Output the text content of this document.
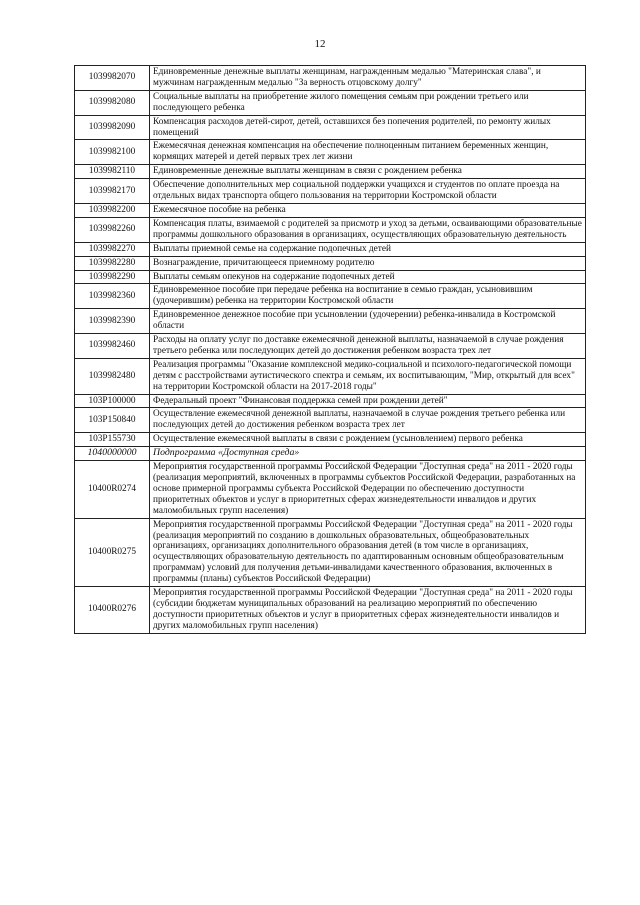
12
1039982070	Единовременные денежные выплаты женщинам, награжденным медалью "Материнская слава", и мужчинам награжденным медалью "За верность отцовскому долгу"
1039982080	Социальные выплаты на приобретение жилого помещения семьям при рождении третьего или последующего ребенка
1039982090	Компенсация расходов детей-сирот, детей, оставшихся без попечения родителей, по ремонту жилых помещений
1039982100	Ежемесячная денежная компенсация на обеспечение полноценным питанием беременных женщин, кормящих матерей и детей первых трех лет жизни
1039982110	Единовременные денежные выплаты женщинам в связи с рождением ребенка
1039982170	Обеспечение дополнительных мер социальной поддержки учащихся и студентов по оплате проезда на отдельных видах транспорта общего пользования на территории Костромской области
1039982200	Ежемесячное пособие на ребенка
1039982260	Компенсация платы, взимаемой с родителей за присмотр и уход за детьми, осваивающими образовательные программы дошкольного образования в организациях, осуществляющих образовательную деятельность
1039982270	Выплаты приемной семье на содержание подопечных детей
1039982280	Вознаграждение, причитающееся приемному родителю
1039982290	Выплаты семьям опекунов на содержание подопечных детей
1039982360	Единовременное пособие при передаче ребенка на воспитание в семью граждан, усыновившим (удочерившим) ребенка на территории Костромской области
1039982390	Единовременное денежное пособие при усыновлении (удочерении) ребенка-инвалида в Костромской области
1039982460	Расходы на оплату услуг по доставке ежемесячной денежной выплаты, назначаемой в случае рождения третьего ребенка или последующих детей до достижения ребенком возраста трех лет
1039982480	Реализация программы "Оказание комплексной медико-социальной и психолого-педагогической помощи детям с расстройствами аутистического спектра и семьям, их воспитывающим, "Мир, открытый для всех" на территории Костромской области на 2017-2018 годы"
103P100000	Федеральный проект "Финансовая поддержка семей при рождении детей"
103P150840	Осуществление ежемесячной денежной выплаты, назначаемой в случае рождения третьего ребенка или последующих детей до достижения ребенком возраста трех лет
103P155730	Осуществление ежемесячной выплаты в связи с рождением (усыновлением) первого ребенка
1040000000	Подпрограмма «Доступная среда»
10400R0274	Мероприятия государственной программы Российской Федерации "Доступная среда" на 2011 - 2020 годы (реализация мероприятий, включенных в программы субъектов Российской Федерации, разработанных на основе примерной программы субъекта Российской Федерации по обеспечению доступности приоритетных объектов и услуг в приоритетных сферах жизнедеятельности инвалидов и других маломобильных групп населения)
10400R0275	Мероприятия государственной программы Российской Федерации "Доступная среда" на 2011 - 2020 годы (реализация мероприятий по созданию в дошкольных образовательных, общеобразовательных организациях, организациях дополнительного образования детей (в том числе в организациях, осуществляющих образовательную деятельность по адаптированным основным общеобразовательным программам) условий для получения детьми-инвалидами качественного образования, включенных в программы (планы) субъектов Российской Федерации)
10400R0276	Мероприятия государственной программы Российской Федерации "Доступная среда" на 2011 - 2020 годы (субсидии бюджетам муниципальных образований на реализацию мероприятий по обеспечению доступности приоритетных объектов и услуг в приоритетных сферах жизнедеятельности инвалидов и других маломобильных групп населения)
